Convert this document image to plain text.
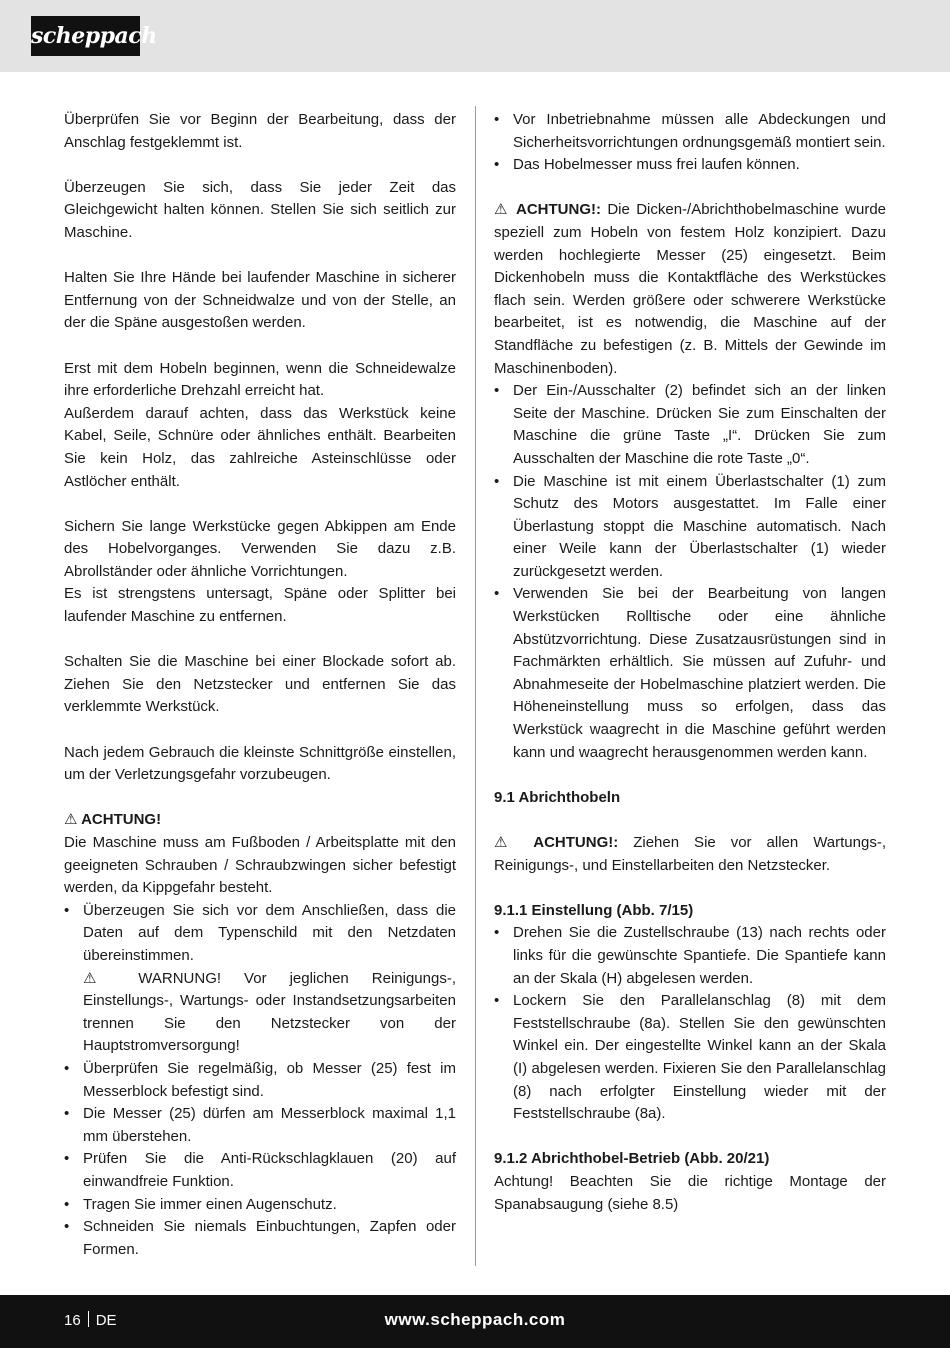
scheppach

Überprüfen Sie vor Beginn der Bearbeitung, dass der Anschlag festgeklemmt ist.

Überzeugen Sie sich, dass Sie jeder Zeit das Gleichgewicht halten können. Stellen Sie sich seitlich zur Maschine.

Halten Sie Ihre Hände bei laufender Maschine in sicherer Entfernung von der Schneidwalze und von der Stelle, an der die Späne ausgestoßen werden.

Erst mit dem Hobeln beginnen, wenn die Schneidewalze ihre erforderliche Drehzahl erreicht hat.

Außerdem darauf achten, dass das Werkstück keine Kabel, Seile, Schnüre oder ähnliches enthält. Bearbeiten Sie kein Holz, das zahlreiche Asteinschlüsse oder Astlöcher enthält.

Sichern Sie lange Werkstücke gegen Abkippen am Ende des Hobelvorganges. Verwenden Sie dazu z.B. Abrollständer oder ähnliche Vorrichtungen.

Es ist strengstens untersagt, Späne oder Splitter bei laufender Maschine zu entfernen.

Schalten Sie die Maschine bei einer Blockade sofort ab. Ziehen Sie den Netzstecker und entfernen Sie das verklemmte Werkstück.

Nach jedem Gebrauch die kleinste Schnittgröße einstellen, um der Verletzungsgefahr vorzubeugen.

⚠ ACHTUNG!

Die Maschine muss am Fußboden / Arbeitsplatte mit den geeigneten Schrauben / Schraubzwingen sicher befestigt werden, da Kippgefahr besteht.

• Überzeugen Sie sich vor dem Anschließen, dass die Daten auf dem Typenschild mit den Netzdaten übereinstimmen.
⚠ WARNUNG! Vor jeglichen Reinigungs-, Einstellungs-, Wartungs- oder Instandsetzungsarbeiten trennen Sie den Netzstecker von der Hauptstromversorgung!
• Überprüfen Sie regelmäßig, ob Messer (25) fest im Messerblock befestigt sind.
• Die Messer (25) dürfen am Messerblock maximal 1,1 mm überstehen.
• Prüfen Sie die Anti-Rückschlagklauen (20) auf einwandfreie Funktion.
• Tragen Sie immer einen Augenschutz.
• Schneiden Sie niemals Einbuchtungen, Zapfen oder Formen.
• Vor Inbetriebnahme müssen alle Abdeckungen und Sicherheitsvorrichtungen ordnungsgemäß montiert sein.
• Das Hobelmesser muss frei laufen können.

⚠ ACHTUNG!: Die Dicken-/Abrichthobelmaschine wurde speziell zum Hobeln von festem Holz konzipiert. Dazu werden hochlegierte Messer (25) eingesetzt. Beim Dickenhobeln muss die Kontaktfläche des Werkstückes flach sein. Werden größere oder schwerere Werkstücke bearbeitet, ist es notwendig, die Maschine auf der Standfläche zu befestigen (z. B. Mittels der Gewinde im Maschinenboden).

• Der Ein-/Ausschalter (2) befindet sich an der linken Seite der Maschine. Drücken Sie zum Einschalten der Maschine die grüne Taste „I“. Drücken Sie zum Ausschalten der Maschine die rote Taste „0“.
• Die Maschine ist mit einem Überlastschalter (1) zum Schutz des Motors ausgestattet. Im Falle einer Überlastung stoppt die Maschine automatisch. Nach einer Weile kann der Überlastschalter (1) wieder zurückgesetzt werden.
• Verwenden Sie bei der Bearbeitung von langen Werkstücken Rolltische oder eine ähnliche Abstützvorrichtung. Diese Zusatzausrüstungen sind in Fachmärkten erhältlich. Sie müssen auf Zufuhr- und Abnahmeseite der Hobelmaschine platziert werden. Die Höheneinstellung muss so erfolgen, dass das Werkstück waagrecht in die Maschine geführt werden kann und waagrecht herausgenommen werden kann.

9.1 Abrichthobeln

⚠ ACHTUNG!: Ziehen Sie vor allen Wartungs-, Reinigungs-, und Einstellarbeiten den Netzstecker.

9.1.1 Einstellung (Abb. 7/15)

• Drehen Sie die Zustellschraube (13) nach rechts oder links für die gewünschte Spantiefe. Die Spantiefe kann an der Skala (H) abgelesen werden.
• Lockern Sie den Parallelanschlag (8) mit dem Feststellschraube (8a). Stellen Sie den gewünschten Winkel ein. Der eingestellte Winkel kann an der Skala (I) abgelesen werden. Fixieren Sie den Parallelanschlag (8) nach erfolgter Einstellung wieder mit der Feststellschraube (8a).

9.1.2 Abrichthobel-Betrieb (Abb. 20/21)

Achtung! Beachten Sie die richtige Montage der Spanabsaugung (siehe 8.5)

16 DE	www.scheppach.com
